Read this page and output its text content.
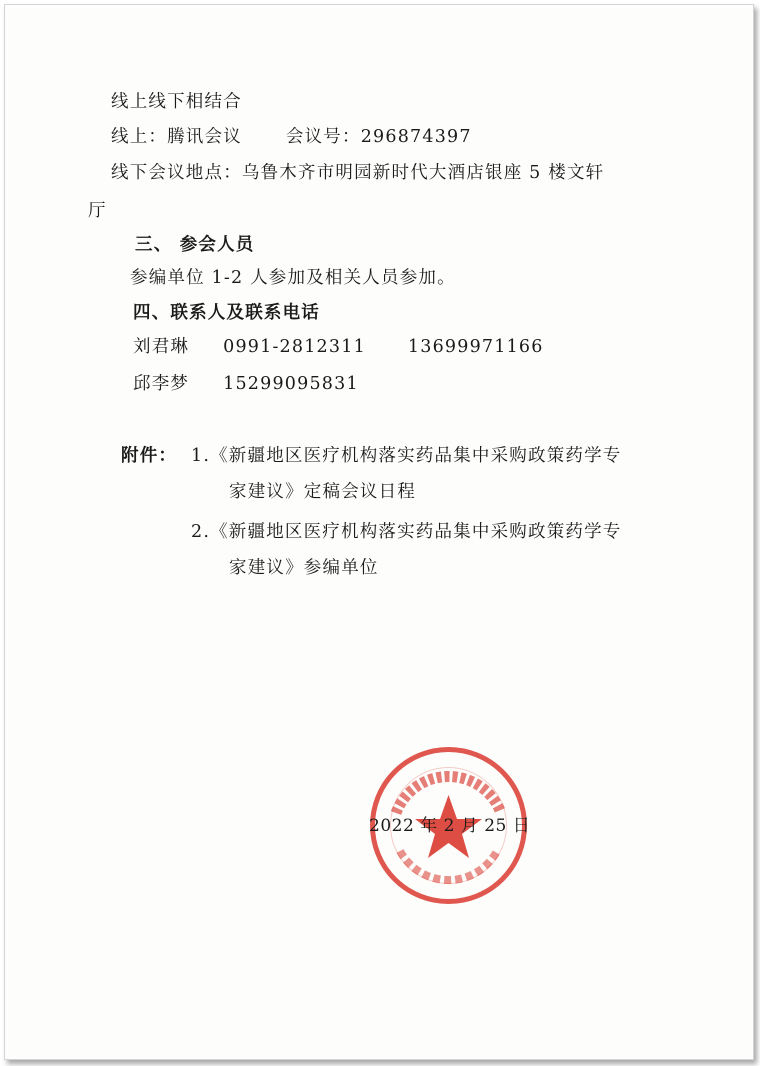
线上线下相结合
线上：腾讯会议	会议号：296874397
线下会议地点：乌鲁木齐市明园新时代大酒店银座 5 楼文轩
厅
三、 参会人员
参编单位 1-2 人参加及相关人员参加。
四、联系人及联系电话
刘君琳 0991-2812311 13699971166
邱李梦 15299095831
附件： 1.《新疆地区医疗机构落实药品集中采购政策药学专
家建议》定稿会议日程
2.《新疆地区医疗机构落实药品集中采购政策药学专
家建议》参编单位
2022 年 2 月 25 日
